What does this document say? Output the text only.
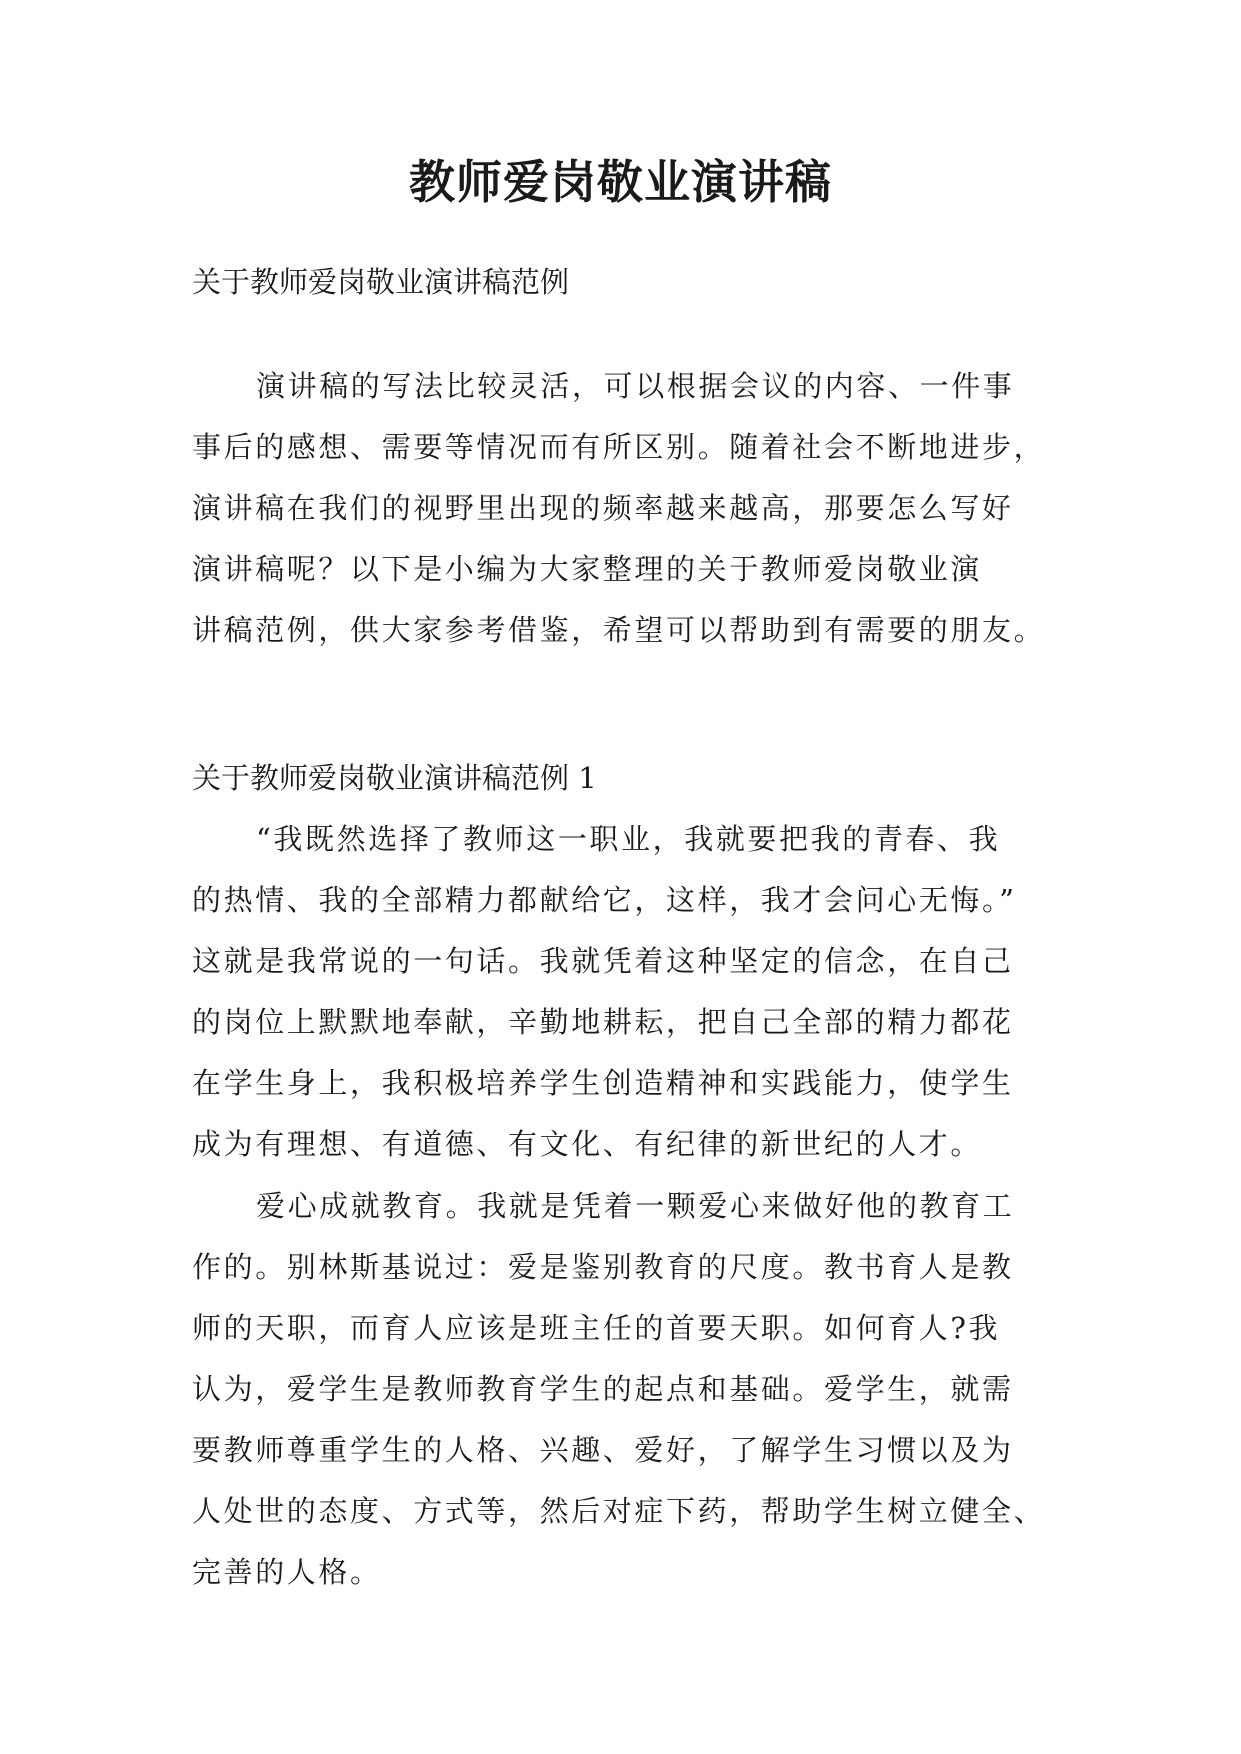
教师爱岗敬业演讲稿
关于教师爱岗敬业演讲稿范例
演讲稿的写法比较灵活，可以根据会议的内容、一件事
事后的感想、需要等情况而有所区别。随着社会不断地进步，
演讲稿在我们的视野里出现的频率越来越高，那要怎么写好
演讲稿呢？以下是小编为大家整理的关于教师爱岗敬业演
讲稿范例，供大家参考借鉴，希望可以帮助到有需要的朋友。
关于教师爱岗敬业演讲稿范例 1
“我既然选择了教师这一职业，我就要把我的青春、我
的热情、我的全部精力都献给它，这样，我才会问心无悔。”
这就是我常说的一句话。我就凭着这种坚定的信念，在自己
的岗位上默默地奉献，辛勤地耕耘，把自己全部的精力都花
在学生身上，我积极培养学生创造精神和实践能力，使学生
成为有理想、有道德、有文化、有纪律的新世纪的人才。
爱心成就教育。我就是凭着一颗爱心来做好他的教育工
作的。别林斯基说过：爱是鉴别教育的尺度。教书育人是教
师的天职，而育人应该是班主任的首要天职。如何育人?我
认为，爱学生是教师教育学生的起点和基础。爱学生，就需
要教师尊重学生的人格、兴趣、爱好，了解学生习惯以及为
人处世的态度、方式等，然后对症下药，帮助学生树立健全、
完善的人格。
